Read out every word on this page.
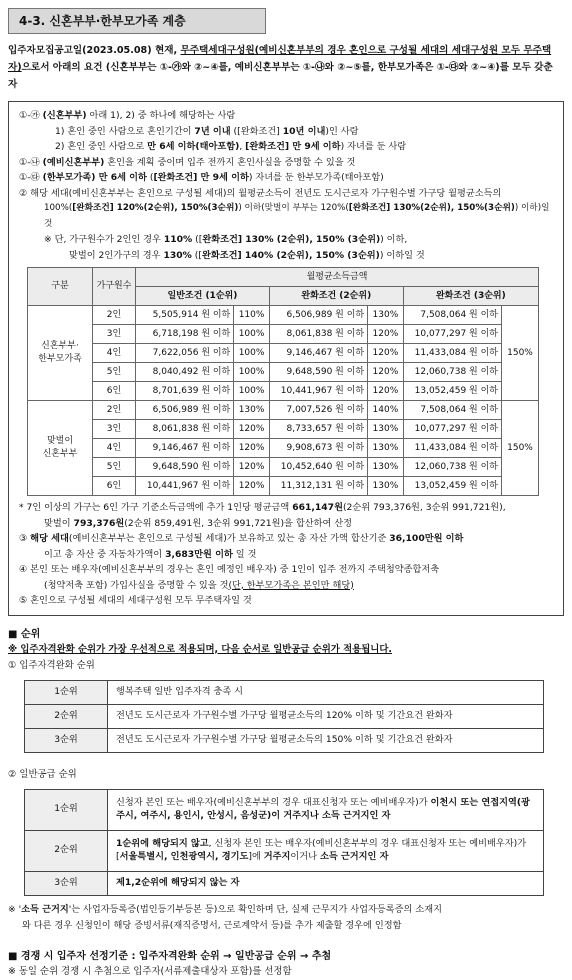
4-3. 신혼부부·한부모가족 계층
입주자모집공고일(2023.05.08) 현재, 무주택세대구성원(예비신혼부부의 경우 혼인으로 구성될 세대의 세대구성원 모두 무주택자)으로서 아래의 요건 (신혼부부는 ①-㉮와 ②~④를, 예비신혼부부는 ①-㉯와 ②~⑤를, 한부모가족은 ①-㉰와 ②~④)를 모두 갖춘 자
①-㉮ (신혼부부) 아래 1), 2) 중 하나에 해당하는 사람
1) 혼인 중인 사람으로 혼인기간이 7년 이내 ([완화조건] 10년 이내)인 사람
2) 혼인 중인 사람으로 만 6세 이하(태아포함), [완화조건] 만 9세 이하) 자녀를 둔 사람
①-㉯ (예비신혼부부) 혼인을 계획 중이며 입주 전까지 혼인사실을 증명할 수 있을 것
①-㉰ (한부모가족) 만 6세 이하 ([완화조건] 만 9세 이하) 자녀를 둔 한부모가족(태아포함)
② 해당 세대(예비신혼부부는 혼인으로 구성될 세대)의 월평균소득이 전년도 도시근로자 가구원수별 가구당 월평균소득의
100%([완화조건] 120%(2순위), 150%(3순위)) 이하(맞벌이 부부는 120%([완화조건] 130%(2순위), 150%(3순위)) 이하)일 것
※ 단, 가구원수가 2인인 경우 110% ([완화조건] 130% (2순위), 150% (3순위)) 이하,
맞벌이 2인가구의 경우 130% ([완화조건] 140% (2순위), 150% (3순위)) 이하일 것
구분	가구원수	월평균소득금액					
		일반조건 (1순위)		완화조건 (2순위)		완화조건 (3순위)	
신혼부부·
한부모가족	2인	5,505,914 원 이하	110%	6,506,989 원 이하	130%	7,508,064 원 이하	150%
	3인	6,718,198 원 이하	100%	8,061,838 원 이하	120%	10,077,297 원 이하	
	4인	7,622,056 원 이하	100%	9,146,467 원 이하	120%	11,433,084 원 이하	
	5인	8,040,492 원 이하	100%	9,648,590 원 이하	120%	12,060,738 원 이하	
	6인	8,701,639 원 이하	100%	10,441,967 원 이하	120%	13,052,459 원 이하	
맞벌이
신혼부부	2인	6,506,989 원 이하	130%	7,007,526 원 이하	140%	7,508,064 원 이하	150%
	3인	8,061,838 원 이하	120%	8,733,657 원 이하	130%	10,077,297 원 이하	
	4인	9,146,467 원 이하	120%	9,908,673 원 이하	130%	11,433,084 원 이하	
	5인	9,648,590 원 이하	120%	10,452,640 원 이하	130%	12,060,738 원 이하	
	6인	10,441,967 원 이하	120%	11,312,131 원 이하	130%	13,052,459 원 이하	
* 7인 이상의 가구는 6인 가구 기준소득금액에 추가 1인당 평균금액 661,147원(2순위 793,376원, 3순위 991,721원),
맞벌이 793,376원(2순위 859,491원, 3순위 991,721원)을 합산하여 산정
③ 해당 세대(예비신혼부부는 혼인으로 구성될 세대)가 보유하고 있는 총 자산 가액 합산기준 36,100만원 이하
이고 총 자산 중 자동차가액이 3,683만원 이하 일 것
④ 본인 또는 배우자(예비신혼부부의 경우는 혼인 예정인 배우자) 중 1인이 입주 전까지 주택청약종합저축
(청약저축 포함) 가입사실을 증명할 수 있을 것(단, 한부모가족은 본인만 해당)
⑤ 혼인으로 구성될 세대의 세대구성원 모두 무주택자일 것
■ 순위
※ 입주자격완화 순위가 가장 우선적으로 적용되며, 다음 순서로 일반공급 순위가 적용됩니다.
① 입주자격완화 순위
1순위	행복주택 일반 입주자격 충족 시
2순위	전년도 도시근로자 가구원수별 가구당 월평균소득의 120% 이하 및 기간요건 완화자
3순위	전년도 도시근로자 가구원수별 가구당 월평균소득의 150% 이하 및 기간요건 완화자
② 일반공급 순위
1순위	신청자 본인 또는 배우자(예비신혼부부의 경우 대표신청자 또는 예비배우자)가 이천시 또는 연접지역(광주시, 여주시, 용인시, 안성시, 음성군)이 거주지나 소득 근거지인 자
2순위	1순위에 해당되지 않고, 신청자 본인 또는 배우자(예비신혼부부의 경우 대표신청자 또는 예비배우자)가 [서울특별시, 인천광역시, 경기도]에 거주지이거나 소득 근거지인 자
3순위	제1,2순위에 해당되지 않는 자
※ '소득 근거지'는 사업자등록증(법인등기부등본 등)으로 확인하며 단, 실제 근무지가 사업자등록증의 소재지
와 다른 경우 신청인이 해당 증빙서류(재직증명서, 근로계약서 등)를 추가 제출할 경우에 인정함
■ 경쟁 시 입주자 선정기준 : 입주자격완화 순위 → 일반공급 순위 → 추첨
※ 동일 순위 경쟁 시 추첨으로 입주자(서류제출대상자 포함)를 선정함
